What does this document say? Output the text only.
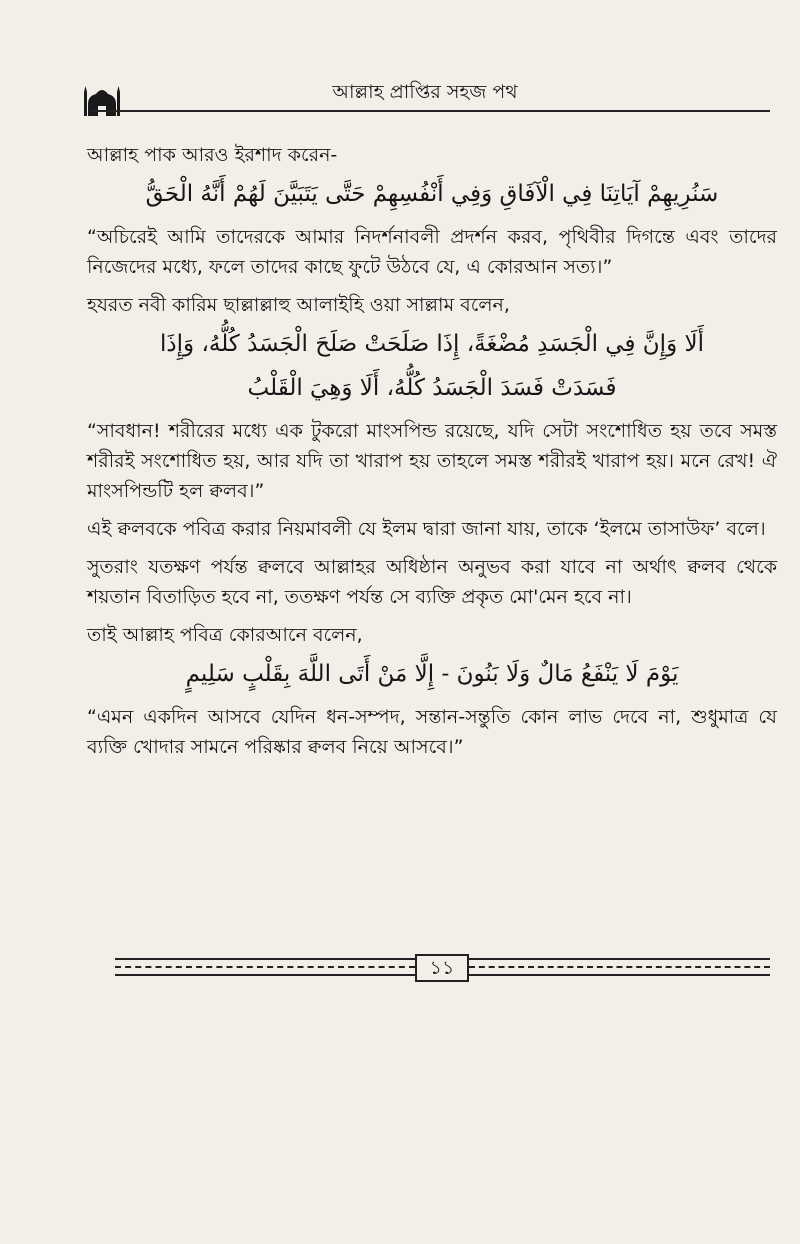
আল্লাহ প্রাপ্তির সহজ পথ

আল্লাহ পাক আরও ইরশাদ করেন-

سَنُرِيهِمْ آيَاتِنَا فِي الْآفَاقِ وَفِي أَنْفُسِهِمْ حَتَّى يَتَبَيَّنَ لَهُمْ أَنَّهُ الْحَقُّ

“অচিরেই আমি তাদেরকে আমার নিদর্শনাবলী প্রদর্শন করব, পৃথিবীর দিগন্তে এবং তাদের নিজেদের মধ্যে, ফলে তাদের কাছে ফুটে উঠবে যে, এ কোরআন সত্য।”

হযরত নবী কারিম ছাল্লাল্লাহু আলাইহি ওয়া সাল্লাম বলেন,

أَلَا وَإِنَّ فِي الْجَسَدِ مُضْغَةً، إِذَا صَلَحَتْ صَلَحَ الْجَسَدُ كُلُّهُ، وَإِذَا
فَسَدَتْ فَسَدَ الْجَسَدُ كُلُّهُ، أَلَا وَهِيَ الْقَلْبُ

“সাবধান! শরীরের মধ্যে এক টুকরো মাংসপিন্ড রয়েছে, যদি সেটা সংশোধিত হয় তবে সমস্ত শরীরই সংশোধিত হয়, আর যদি তা খারাপ হয় তাহলে সমস্ত শরীরই খারাপ হয়। মনে রেখ! ঐ মাংসপিন্ডটি হল ক্বলব।”

এই ক্বলবকে পবিত্র করার নিয়মাবলী যে ইলম দ্বারা জানা যায়, তাকে ‘ইলমে তাসাউফ’ বলে।

সুতরাং যতক্ষণ পর্যন্ত ক্বলবে আল্লাহর অধিষ্ঠান অনুভব করা যাবে না অর্থাৎ ক্বলব থেকে শয়তান বিতাড়িত হবে না, ততক্ষণ পর্যন্ত সে ব্যক্তি প্রকৃত মো'মেন হবে না।

তাই আল্লাহ পবিত্র কোরআনে বলেন,

يَوْمَ لَا يَنْفَعُ مَالٌ وَلَا بَنُونَ - إِلَّا مَنْ أَتَى اللَّهَ بِقَلْبٍ سَلِيمٍ

“এমন একদিন আসবে যেদিন ধন-সম্পদ, সন্তান-সন্তুতি কোন লাভ দেবে না, শুধুমাত্র যে ব্যক্তি খোদার সামনে পরিষ্কার ক্বলব নিয়ে আসবে।”

১১
